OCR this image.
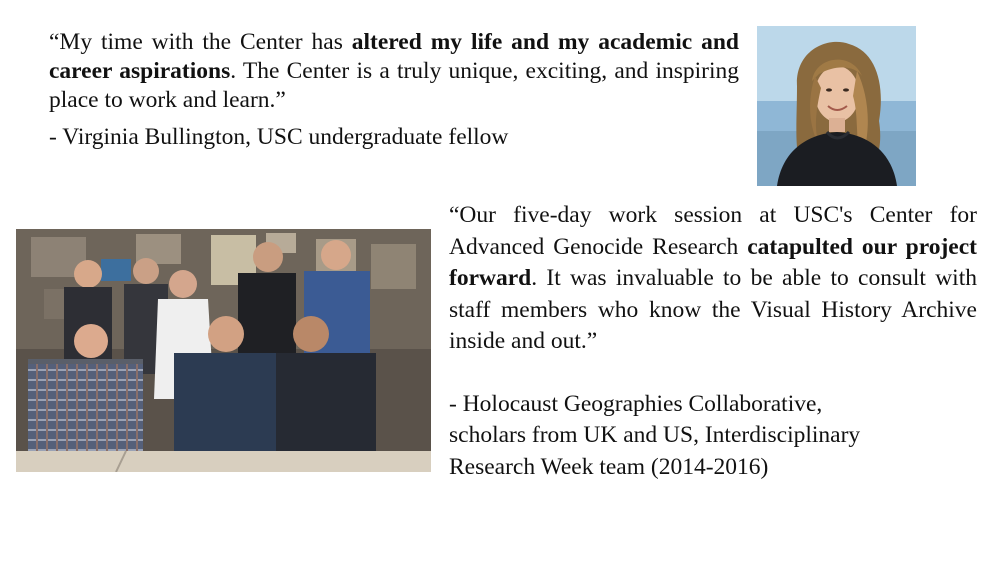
“My time with the Center has altered my life and my academic and career aspirations. The Center is a truly unique, exciting, and inspiring place to work and learn.”
- Virginia Bullington, USC undergraduate fellow
“Our five-day work session at USC's Center for Advanced Genocide Research catapulted our project forward. It was invaluable to be able to consult with staff members who know the Visual History Archive inside and out.”
- Holocaust Geographies Collaborative,
scholars from UK and US, Interdisciplinary
Research Week team (2014-2016)
